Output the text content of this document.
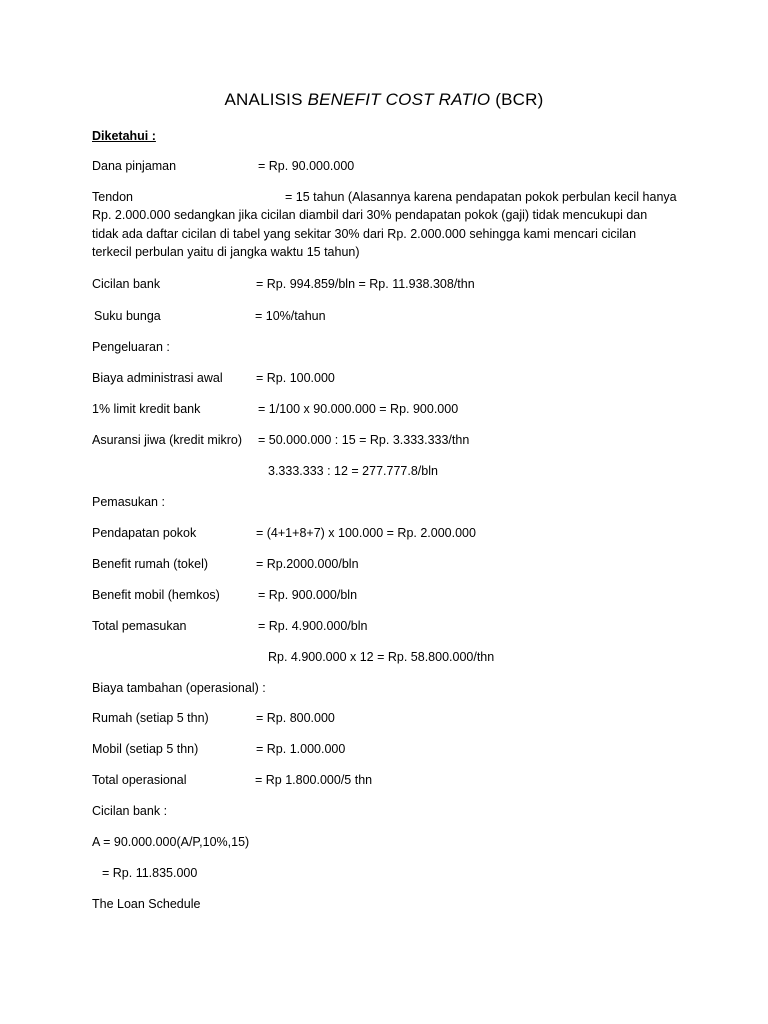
ANALISIS BENEFIT COST RATIO (BCR)
Diketahui :
Dana pinjaman	= Rp. 90.000.000
Tendon	= 15 tahun (Alasannya karena pendapatan pokok perbulan kecil hanya
Rp. 2.000.000 sedangkan jika cicilan diambil dari 30% pendapatan pokok (gaji) tidak mencukupi dan
tidak ada daftar cicilan di tabel yang sekitar 30% dari Rp. 2.000.000 sehingga kami mencari cicilan
terkecil perbulan yaitu di jangka waktu 15 tahun)
Cicilan bank	= Rp. 994.859/bln = Rp. 11.938.308/thn
Suku bunga	= 10%/tahun
Pengeluaran :
Biaya administrasi awal	= Rp. 100.000
1% limit kredit bank	= 1/100 x 90.000.000 = Rp. 900.000
Asuransi jiwa (kredit mikro) = 50.000.000 : 15 = Rp. 3.333.333/thn
3.333.333 : 12 = 277.777.8/bln
Pemasukan :
Pendapatan pokok	= (4+1+8+7) x 100.000 = Rp. 2.000.000
Benefit rumah (tokel)	= Rp.2000.000/bln
Benefit mobil (hemkos)	= Rp. 900.000/bln
Total pemasukan	= Rp. 4.900.000/bln
Rp. 4.900.000 x 12 = Rp. 58.800.000/thn
Biaya tambahan (operasional) :
Rumah (setiap 5 thn)	= Rp. 800.000
Mobil (setiap 5 thn)	= Rp. 1.000.000
Total operasional	= Rp 1.800.000/5 thn
Cicilan bank :
A = 90.000.000(A/P,10%,15)
= Rp. 11.835.000
The Loan Schedule
